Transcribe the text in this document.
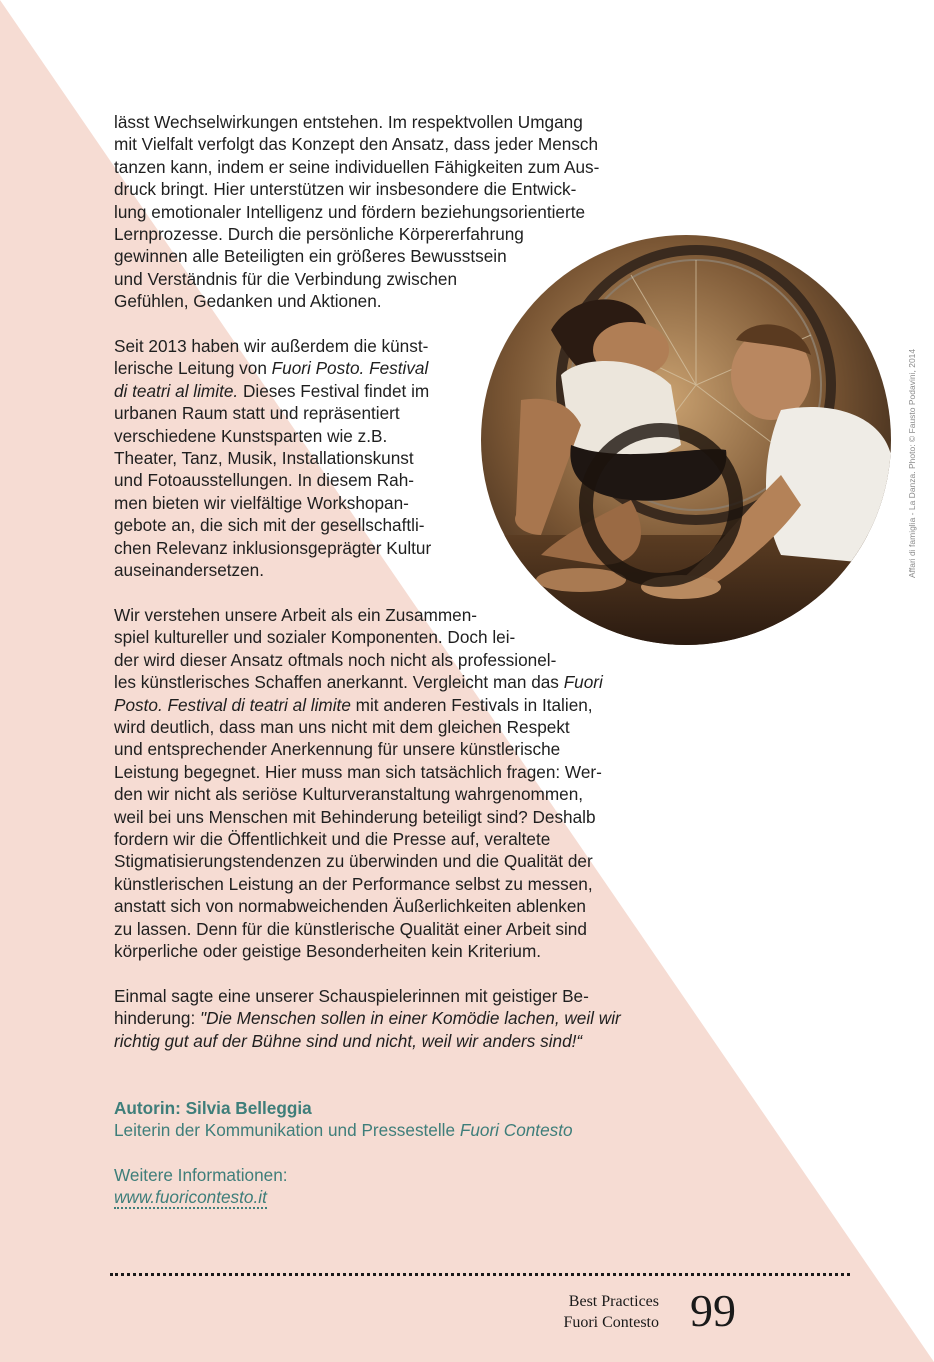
lässt Wechselwirkungen entstehen. Im respektvollen Umgang
mit Vielfalt verfolgt das Konzept den Ansatz, dass jeder Mensch
tanzen kann, indem er seine individuellen Fähigkeiten zum Aus-
druck bringt. Hier unterstützen wir insbesondere die Entwick-
lung emotionaler Intelligenz und fördern beziehungsorientierte
Lernprozesse. Durch die persönliche Körpererfahrung
gewinnen alle Beteiligten ein größeres Bewusstsein
und Verständnis für die Verbindung zwischen
Gefühlen, Gedanken und Aktionen.
Seit 2013 haben wir außerdem die künst-
lerische Leitung von Fuori Posto. Festival
di teatri al limite. Dieses Festival findet im
urbanen Raum statt und repräsentiert
verschiedene Kunstsparten wie z.B.
Theater, Tanz, Musik, Installationskunst
und Fotoausstellungen. In diesem Rah-
men bieten wir vielfältige Workshopan-
gebote an, die sich mit der gesellschaftli-
chen Relevanz inklusionsgeprägter Kultur
auseinandersetzen.
Wir verstehen unsere Arbeit als ein Zusammen-
spiel kultureller und sozialer Komponenten. Doch lei-
der wird dieser Ansatz oftmals noch nicht als professionel-
les künstlerisches Schaffen anerkannt. Vergleicht man das Fuori
Posto. Festival di teatri al limite mit anderen Festivals in Italien,
wird deutlich, dass man uns nicht mit dem gleichen Respekt
und entsprechender Anerkennung für unsere künstlerische
Leistung begegnet. Hier muss man sich tatsächlich fragen: Wer-
den wir nicht als seriöse Kulturveranstaltung wahrgenommen,
weil bei uns Menschen mit Behinderung beteiligt sind? Deshalb
fordern wir die Öffentlichkeit und die Presse auf, veraltete
Stigmatisierungstendenzen zu überwinden und die Qualität der
künstlerischen Leistung an der Performance selbst zu messen,
anstatt sich von normabweichenden Äußerlichkeiten ablenken
zu lassen. Denn für die künstlerische Qualität einer Arbeit sind
körperliche oder geistige Besonderheiten kein Kriterium.
Einmal sagte eine unserer Schauspielerinnen mit geistiger Be-
hinderung: "Die Menschen sollen in einer Komödie lachen, weil wir
richtig gut auf der Bühne sind und nicht, weil wir anders sind!“
Affari di famiglia - La Danza. Photo: © Fausto Podavini, 2014
Autorin: Silvia Belleggia
Leiterin der Kommunikation und Pressestelle Fuori Contesto
Weitere Informationen:
www.fuoricontesto.it
Best Practices
Fuori Contesto 99
